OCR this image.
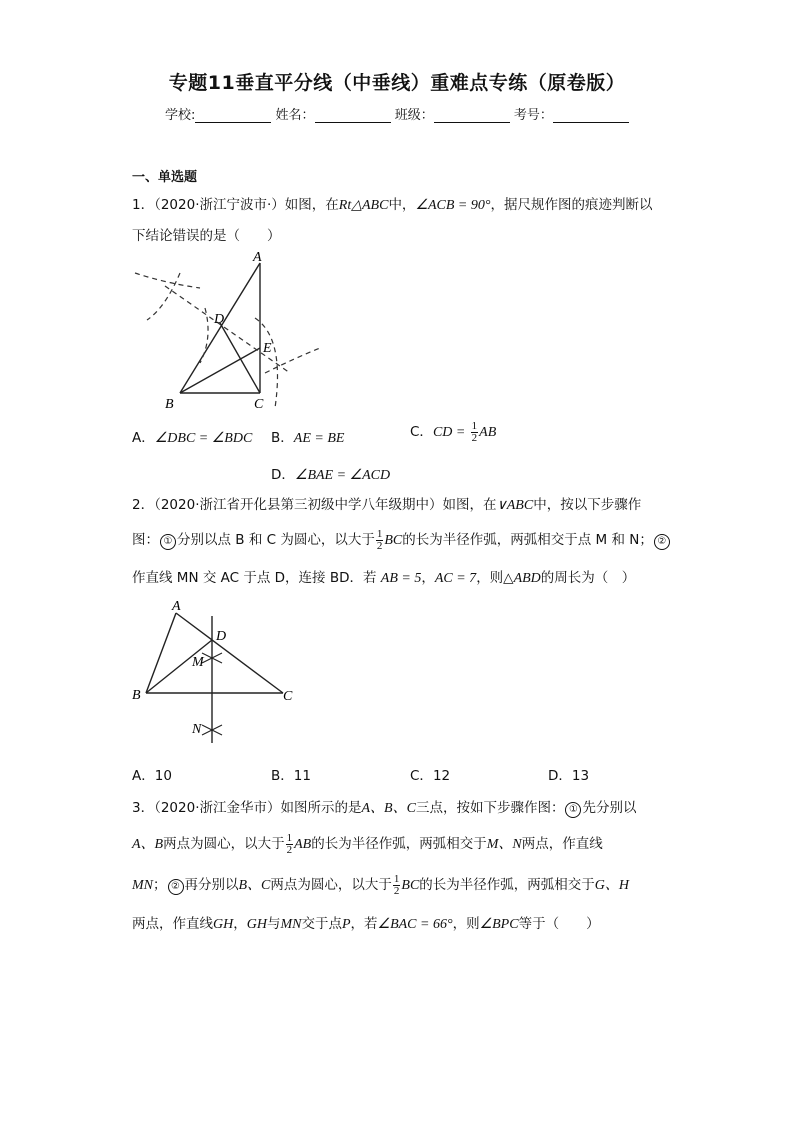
专题11垂直平分线（中垂线）重难点专练（原卷版）
学校:	姓名：	班级：	考号：
一、单选题
1．（2020·浙江宁波市·）如图，在Rt△ABC中，∠ACB = 90°，据尺规作图的痕迹判断以
下结论错误的是（　　）
A
B	C
D
E
A．∠DBC = ∠BDC B．AE = BE	C．CD = $\frac{1}{2}$ AB
D．∠BAE = ∠ACD
2．（2020·浙江省开化县第三初级中学八年级期中）如图，在∨ABC中，按以下步骤作
图： ① 分别以点 B 和 C 为圆心，以大于 $\frac{1}{2}$ BC的长为半径作弧，两弧相交于点 M 和 N； ②
作直线 MN 交 AC 于点 D，连接 BD．若 AB = 5，AC = 7，则△ABD的周长为（　）
A
B	C
D
M
N
A．10	B．11	C．12	D．13
3．（2020·浙江金华市）如图所示的是A、B、C三点，按如下步骤作图： ① 先分别以
A、B两点为圆心，以大于 $\frac{1}{2}$ AB的长为半径作弧，两弧相交于M、N两点，作直线
MN； ② 再分别以B、C两点为圆心，以大于 $\frac{1}{2}$ BC的长为半径作弧，两弧相交于G、H
两点，作直线GH，GH与MN交于点P，若∠BAC = 66°，则∠BPC等于（　　）
